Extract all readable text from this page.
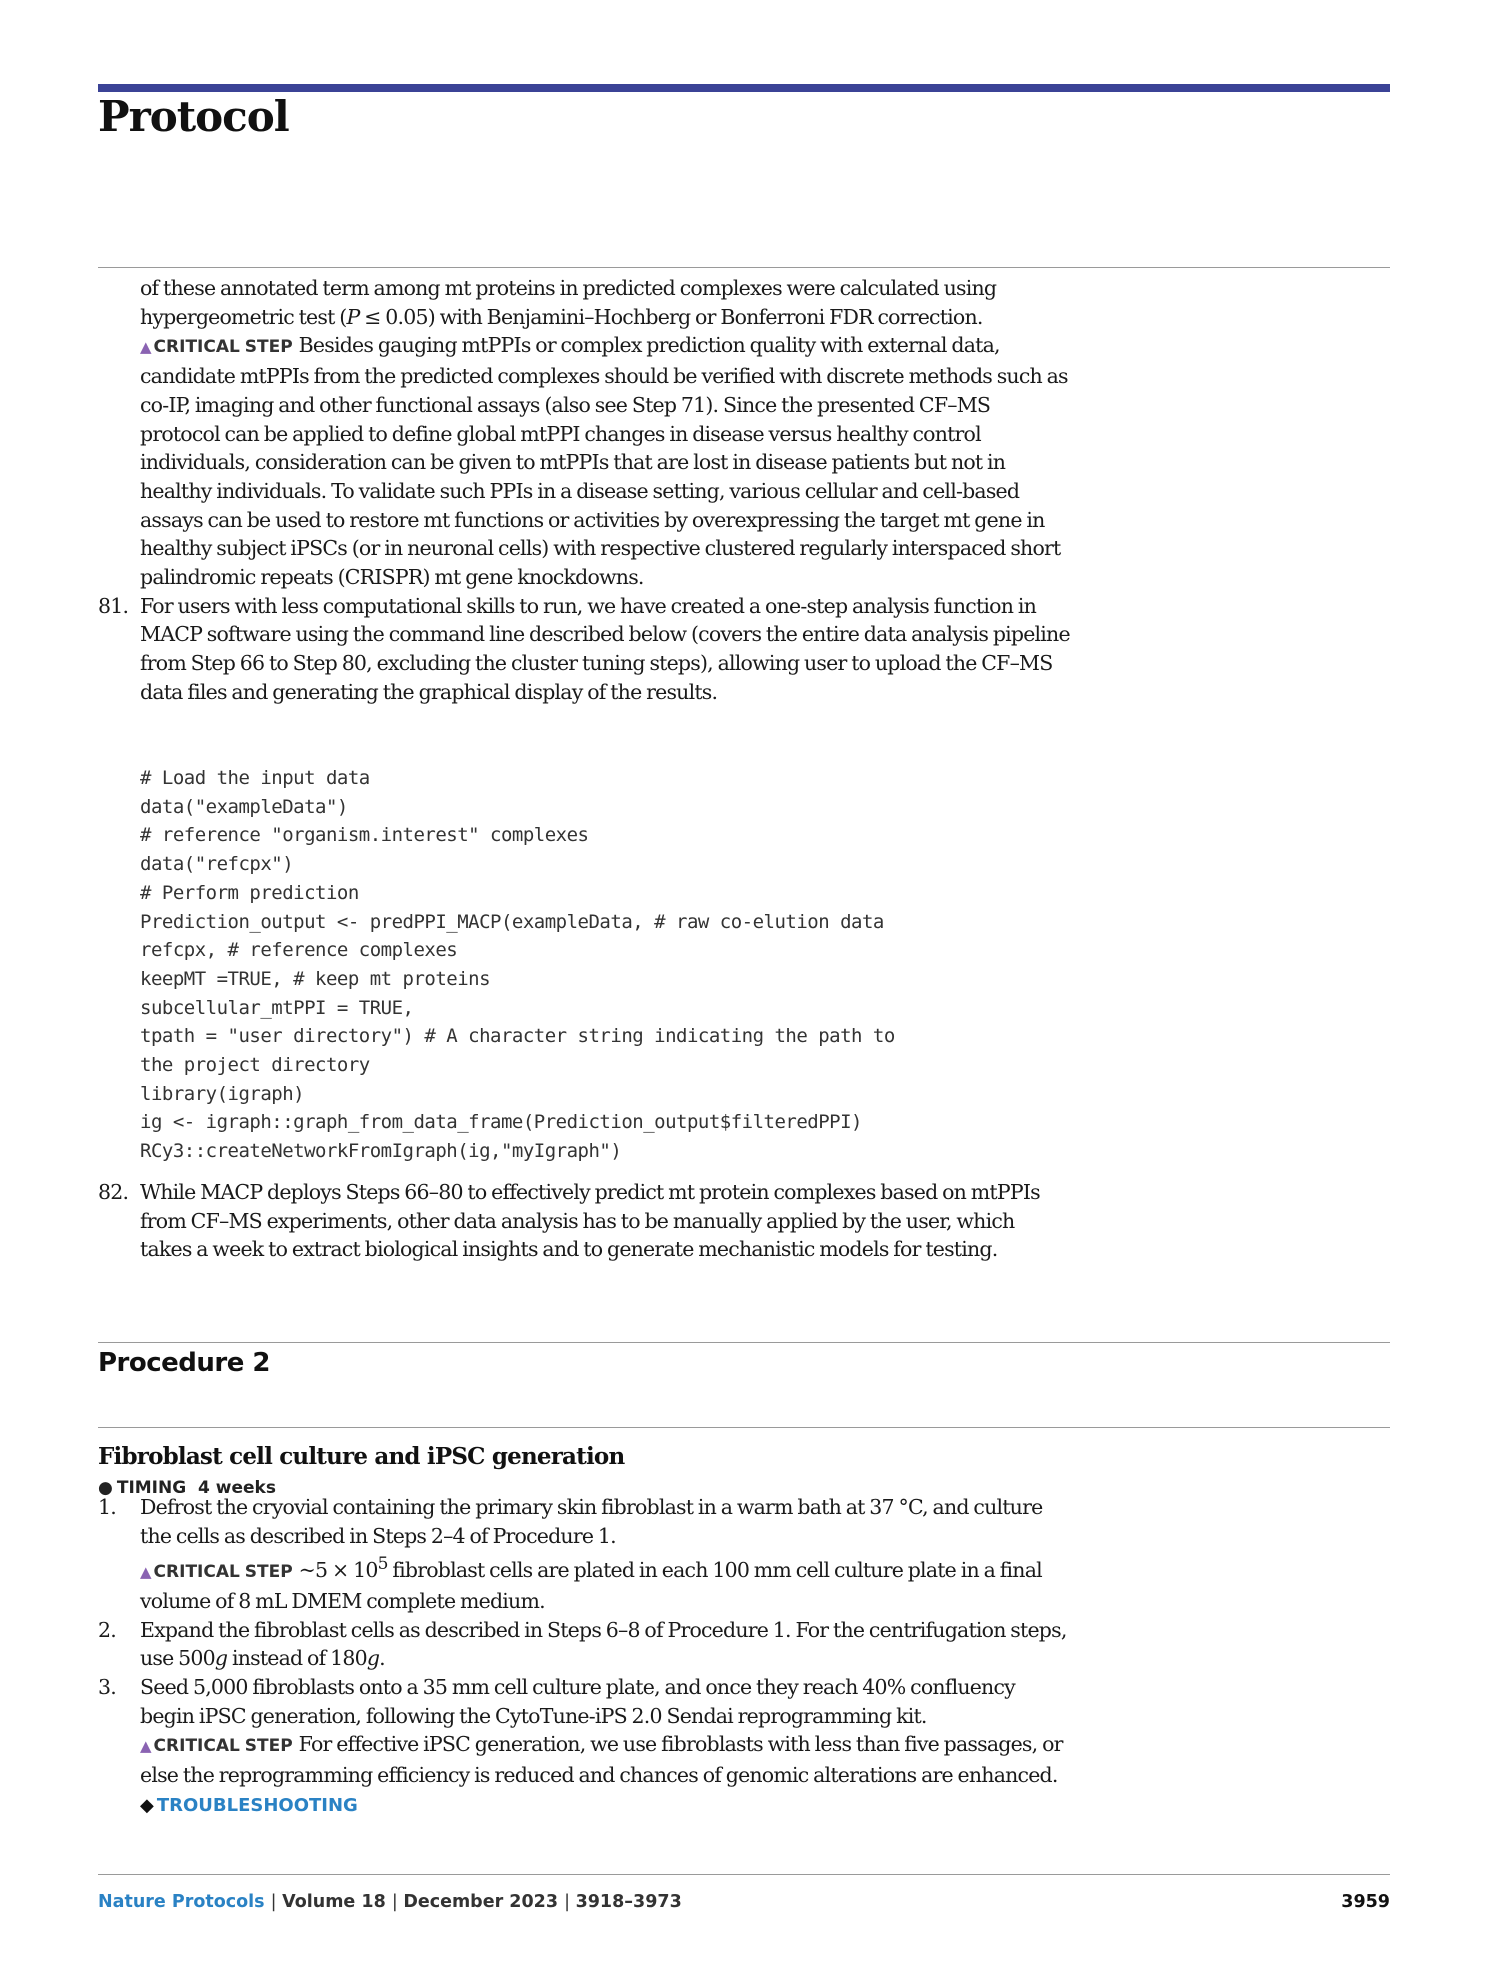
Protocol

of these annotated term among mt proteins in predicted complexes were calculated using hypergeometric test (P ≤ 0.05) with Benjamini–Hochberg or Bonferroni FDR correction.

▲ CRITICAL STEP Besides gauging mtPPIs or complex prediction quality with external data, candidate mtPPIs from the predicted complexes should be verified with discrete methods such as co-IP, imaging and other functional assays (also see Step 71). Since the presented CF–MS protocol can be applied to define global mtPPI changes in disease versus healthy control individuals, consideration can be given to mtPPIs that are lost in disease patients but not in healthy individuals. To validate such PPIs in a disease setting, various cellular and cell-based assays can be used to restore mt functions or activities by overexpressing the target mt gene in healthy subject iPSCs (or in neuronal cells) with respective clustered regularly interspaced short palindromic repeats (CRISPR) mt gene knockdowns.

81. For users with less computational skills to run, we have created a one-step analysis function in MACP software using the command line described below (covers the entire data analysis pipeline from Step 66 to Step 80, excluding the cluster tuning steps), allowing user to upload the CF–MS data files and generating the graphical display of the results.

# Load the input data
data("exampleData")
# reference "organism.interest" complexes
data("refcpx")
# Perform prediction
Prediction_output <- predPPI_MACP(exampleData, # raw co-elution data
refcpx, # reference complexes
keepMT =TRUE, # keep mt proteins
subcellular_mtPPI = TRUE,
tpath = "user directory") # A character string indicating the path to
the project directory
library(igraph)
ig <- igraph::graph_from_data_frame(Prediction_output$filteredPPI)
RCy3::createNetworkFromIgraph(ig,"myIgraph")

82. While MACP deploys Steps 66–80 to effectively predict mt protein complexes based on mtPPIs from CF–MS experiments, other data analysis has to be manually applied by the user, which takes a week to extract biological insights and to generate mechanistic models for testing.

Procedure 2
Fibroblast cell culture and iPSC generation
● TIMING 4 weeks

1. Defrost the cryovial containing the primary skin fibroblast in a warm bath at 37 °C, and culture the cells as described in Steps 2–4 of Procedure 1.

▲ CRITICAL STEP ~5 × $10^5$ fibroblast cells are plated in each 100 mm cell culture plate in a final volume of 8 mL DMEM complete medium.

2. Expand the fibroblast cells as described in Steps 6–8 of Procedure 1. For the centrifugation steps, use 500g instead of 180g.

3. Seed 5,000 fibroblasts onto a 35 mm cell culture plate, and once they reach 40% confluency begin iPSC generation, following the CytoTune-iPS 2.0 Sendai reprogramming kit.

▲ CRITICAL STEP For effective iPSC generation, we use fibroblasts with less than five passages, or else the reprogramming efficiency is reduced and chances of genomic alterations are enhanced.

◆ TROUBLESHOOTING

Nature Protocols | Volume 18 | December 2023 | 3918–3973	3959
